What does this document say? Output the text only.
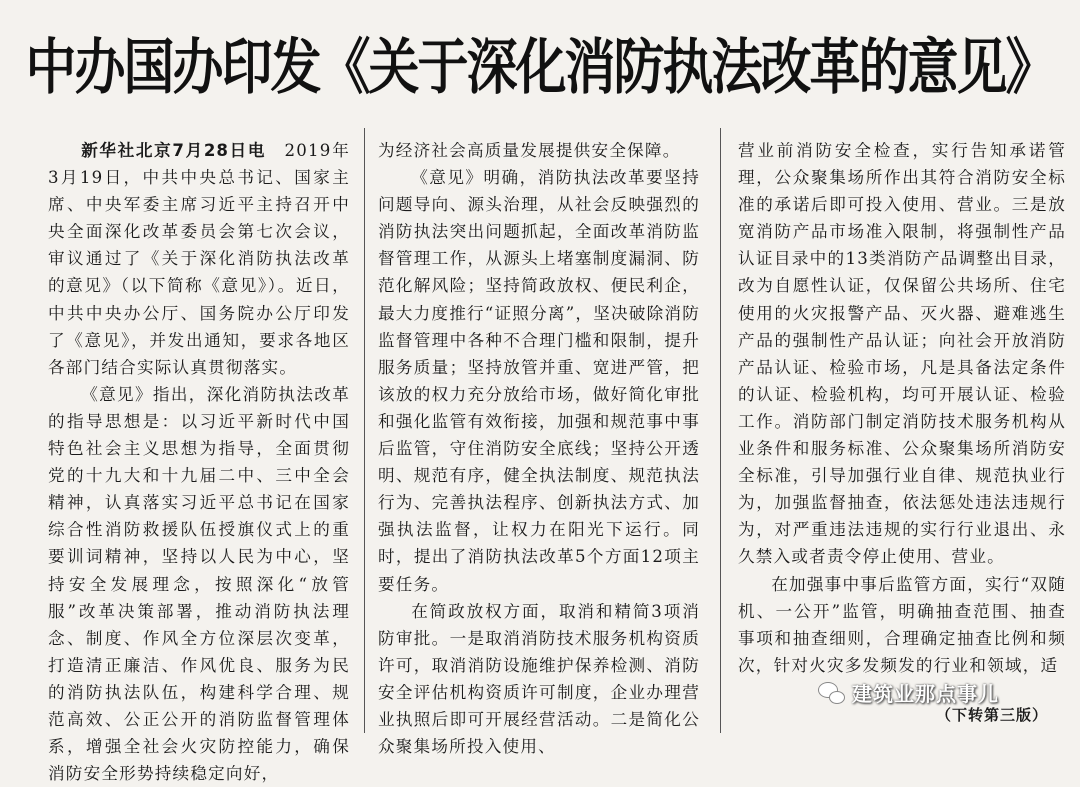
中办国办印发《关于深化消防执法改革的意见》

新华社北京7月28日电　 2019年3月19日，中共中央总书记、国家主席、中央军委主席习近平主持召开中央全面深化改革委员会第七次会议，审议通过了《关于深化消防执法改革的意见》（以下简称《意见》）。近日，中共中央办公厅、国务院办公厅印发了《意见》，并发出通知，要求各地区各部门结合实际认真贯彻落实。

《意见》指出，深化消防执法改革的指导思想是：以习近平新时代中国特色社会主义思想为指导，全面贯彻党的十九大和十九届二中、三中全会精神，认真落实习近平总书记在国家综合性消防救援队伍授旗仪式上的重要训词精神，坚持以人民为中心，坚持安全发展理念，按照深化“放管服”改革决策部署，推动消防执法理念、制度、作风全方位深层次变革，打造清正廉洁、作风优良、服务为民的消防执法队伍，构建科学合理、规范高效、公正公开的消防监督管理体系，增强全社会火灾防控能力，确保消防安全形势持续稳定向好，

为经济社会高质量发展提供安全保障。

《意见》明确，消防执法改革要坚持问题导向、源头治理，从社会反映强烈的消防执法突出问题抓起，全面改革消防监督管理工作，从源头上堵塞制度漏洞、防范化解风险；坚持简政放权、便民利企，最大力度推行“证照分离”，坚决破除消防监督管理中各种不合理门槛和限制，提升服务质量；坚持放管并重、宽进严管，把该放的权力充分放给市场，做好简化审批和强化监管有效衔接，加强和规范事中事后监管，守住消防安全底线；坚持公开透明、规范有序，健全执法制度、规范执法行为、完善执法程序、创新执法方式、加强执法监督，让权力在阳光下运行。同时，提出了消防执法改革5个方面12项主要任务。

在简政放权方面，取消和精简3项消防审批。一是取消消防技术服务机构资质许可，取消消防设施维护保养检测、消防安全评估机构资质许可制度，企业办理营业执照后即可开展经营活动。二是简化公众聚集场所投入使用、

营业前消防安全检查，实行告知承诺管理，公众聚集场所作出其符合消防安全标准的承诺后即可投入使用、营业。三是放宽消防产品市场准入限制，将强制性产品认证目录中的13类消防产品调整出目录，改为自愿性认证，仅保留公共场所、住宅使用的火灾报警产品、灭火器、避难逃生产品的强制性产品认证；向社会开放消防产品认证、检验市场，凡是具备法定条件的认证、检验机构，均可开展认证、检验工作。消防部门制定消防技术服务机构从业条件和服务标准、公众聚集场所消防安全标准，引导加强行业自律、规范执业行为，加强监督抽查，依法惩处违法违规行为，对严重违法违规的实行行业退出、永久禁入或者责令停止使用、营业。

在加强事中事后监管方面，实行“双随机、一公开”监管，明确抽查范围、抽查事项和抽查细则，合理确定抽查比例和频次，针对火灾多发频发的行业和领域，适

建筑业那点事儿
（下转第三版）
